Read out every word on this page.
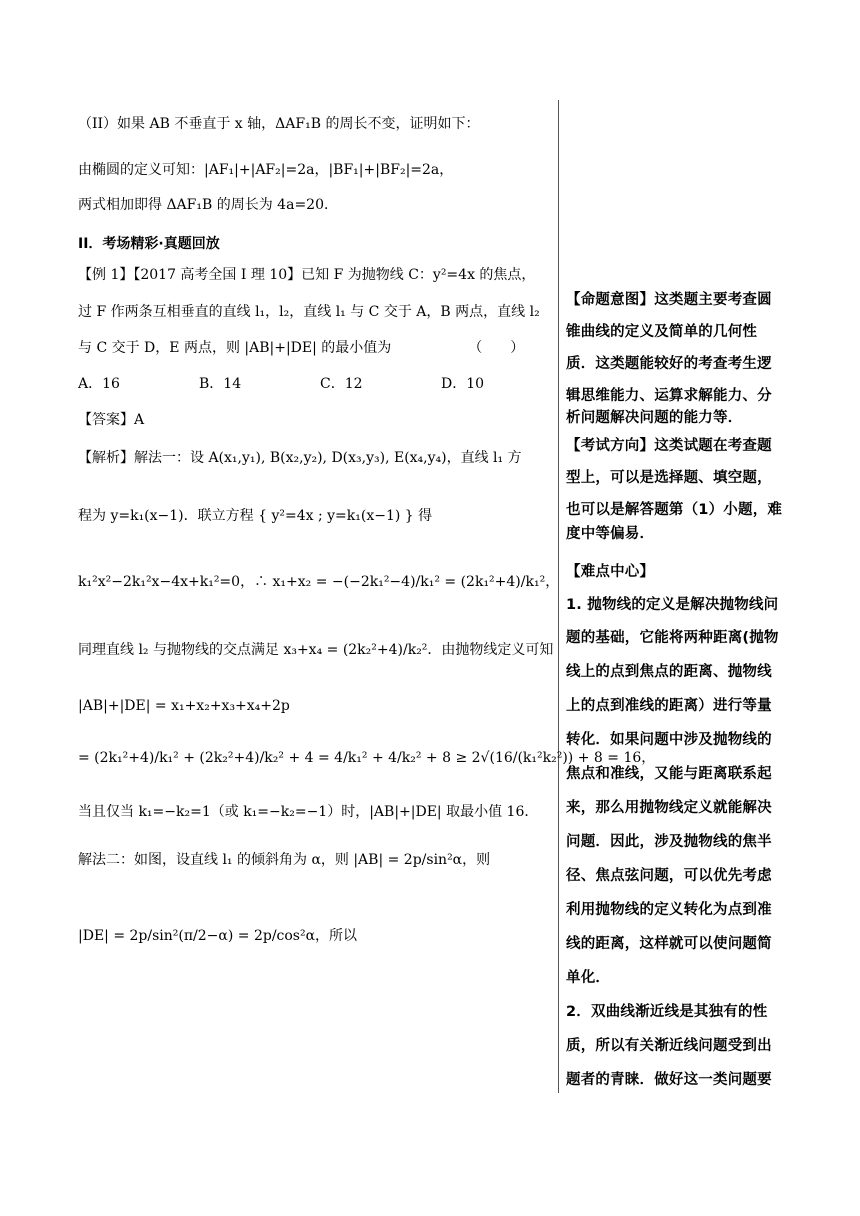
（II）如果 AB 不垂直于 x 轴，ΔAF₁B 的周长不变，证明如下：
由椭圆的定义可知：|AF₁|+|AF₂|=2a，|BF₁|+|BF₂|=2a，
两式相加即得 ΔAF₁B 的周长为 4a=20．
II．考场精彩·真题回放
【例 1】【2017 高考全国 I 理 10】已知 F 为抛物线 C：y²=4x 的焦点，
过 F 作两条互相垂直的直线 l₁，l₂，直线 l₁ 与 C 交于 A，B 两点，直线 l₂
与 C 交于 D，E 两点，则 |AB|+|DE| 的最小值为　　　　　　（　　）
A．16	B．14	C．12	D．10
【答案】A
【解析】解法一：设 A(x₁,y₁), B(x₂,y₂), D(x₃,y₃), E(x₄,y₄)，直线 l₁ 方
程为 y=k₁(x−1)．联立方程 { y²=4x ; y=k₁(x−1) } 得
k₁²x²−2k₁²x−4x+k₁²=0，∴ x₁+x₂ = −(−2k₁²−4)/k₁² = (2k₁²+4)/k₁²，
同理直线 l₂ 与抛物线的交点满足 x₃+x₄ = (2k₂²+4)/k₂²．由抛物线定义可知
|AB|+|DE| = x₁+x₂+x₃+x₄+2p
= (2k₁²+4)/k₁² + (2k₂²+4)/k₂² + 4 = 4/k₁² + 4/k₂² + 8 ≥ 2√(16/(k₁²k₂²)) + 8 = 16，
当且仅当 k₁=−k₂=1（或 k₁=−k₂=−1）时，|AB|+|DE| 取最小值 16．
解法二：如图，设直线 l₁ 的倾斜角为 α，则 |AB| = 2p/sin²α，则
|DE| = 2p/sin²(π/2−α) = 2p/cos²α，所以
【命题意图】这类题主要考查圆
锥曲线的定义及简单的几何性
质．这类题能较好的考查考生逻
辑思维能力、运算求解能力、分
析问题解决问题的能力等．
【考试方向】这类试题在考查题
型上，可以是选择题、填空题，
也可以是解答题第（1）小题，难
度中等偏易．
【难点中心】
1. 抛物线的定义是解决抛物线问
题的基础，它能将两种距离(抛物
线上的点到焦点的距离、抛物线
上的点到准线的距离）进行等量
转化．如果问题中涉及抛物线的
焦点和准线，又能与距离联系起
来，那么用抛物线定义就能解决
问题．因此，涉及抛物线的焦半
径、焦点弦问题，可以优先考虑
利用抛物线的定义转化为点到准
线的距离，这样就可以使问题简
单化．
2．双曲线渐近线是其独有的性
质，所以有关渐近线问题受到出
题者的青睐．做好这一类问题要
